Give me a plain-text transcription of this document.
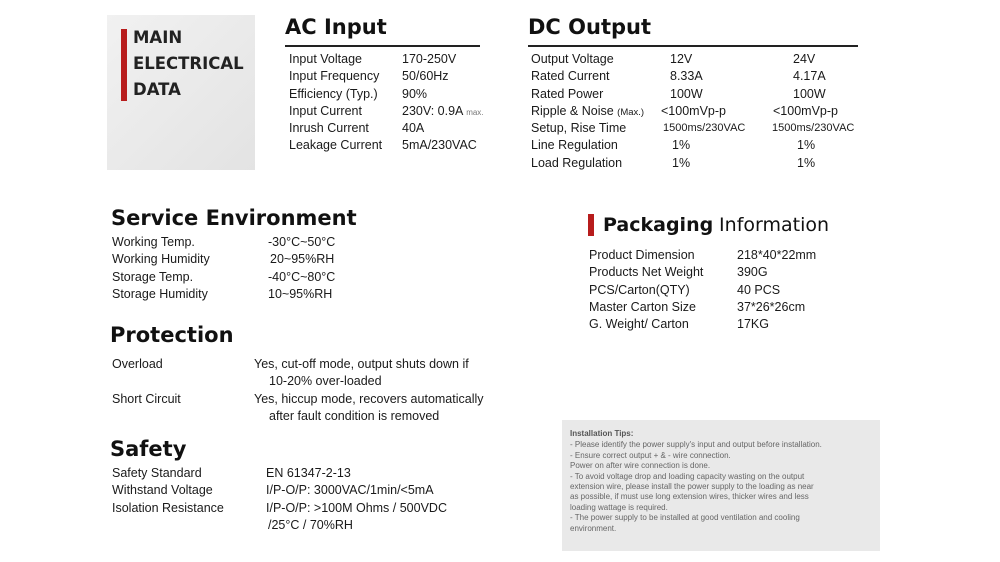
MAIN
ELECTRICAL
DATA
AC Input
Input Voltage	170-250V
Input Frequency 50/60Hz
Efficiency (Typ.) 90%
Input Current	230V: 0.9A max.
Inrush Current	40A
Leakage Current 5mA/230VAC
DC Output
Output Voltage	12V	24V
Rated Current	8.33A	4.17A
Rated Power	100W	100W
Ripple & Noise (Max.) <100mVp-p	<100mVp-p
Setup, Rise Time	1500ms/230VAC 1500ms/230VAC
Line Regulation	1%	1%
Load Regulation	1%	1%
Service Environment
Working Temp.	-30°C~50°C
Working Humidity	20~95%RH
Storage Temp.	-40°C~80°C
Storage Humidity	10~95%RH
Protection
Overload	Yes, cut-off mode, output shuts down if
10-20% over-loaded
Short Circuit	Yes, hiccup mode, recovers automatically
after fault condition is removed
Safety
Safety Standard	EN 61347-2-13
Withstand Voltage	I/P-O/P: 3000VAC/1min/<5mA
Isolation Resistance	I/P-O/P: >100M Ohms / 500VDC
/25°C / 70%RH
Packaging Information
Product Dimension	218*40*22mm
Products Net Weight	390G
PCS/Carton(QTY)	40 PCS
Master Carton Size	37*26*26cm
G. Weight/ Carton	17KG
Installation Tips:
- Please identify the power supply's input and output before installation.
- Ensure correct output + & - wire connection.
Power on after wire connection is done.
- To avoid voltage drop and loading capacity wasting on the output
extension wire, please install the power supply to the loading as near
as possible, if must use long extension wires, thicker wires and less
loading wattage is required.
- The power supply to be installed at good ventilation and cooling
environment.
